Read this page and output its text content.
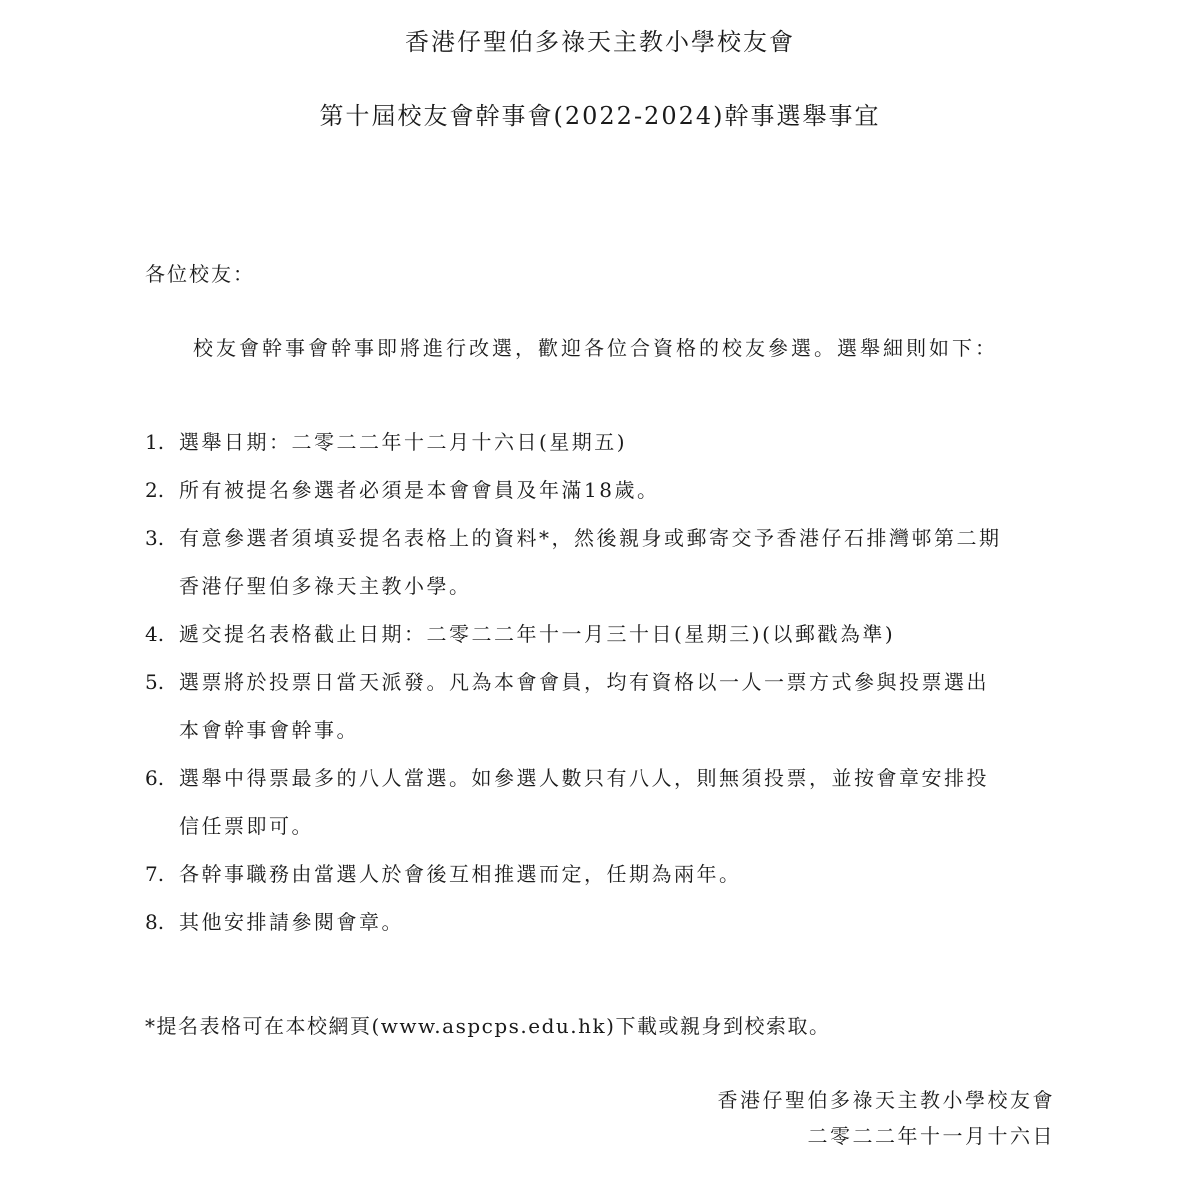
香港仔聖伯多祿天主教小學校友會
第十屆校友會幹事會(2022-2024)幹事選舉事宜
各位校友：
校友會幹事會幹事即將進行改選，歡迎各位合資格的校友參選。選舉細則如下：
1. 選舉日期：二零二二年十二月十六日(星期五)
2. 所有被提名參選者必須是本會會員及年滿18歲。
3. 有意參選者須填妥提名表格上的資料*，然後親身或郵寄交予香港仔石排灣邨第二期
香港仔聖伯多祿天主教小學。
4. 遞交提名表格截止日期：二零二二年十一月三十日(星期三)(以郵戳為準)
5. 選票將於投票日當天派發。凡為本會會員，均有資格以一人一票方式參與投票選出
本會幹事會幹事。
6. 選舉中得票最多的八人當選。如參選人數只有八人，則無須投票，並按會章安排投
信任票即可。
7. 各幹事職務由當選人於會後互相推選而定，任期為兩年。
8. 其他安排請參閱會章。
*提名表格可在本校網頁(www.aspcps.edu.hk)下載或親身到校索取。
香港仔聖伯多祿天主教小學校友會
二零二二年十一月十六日
